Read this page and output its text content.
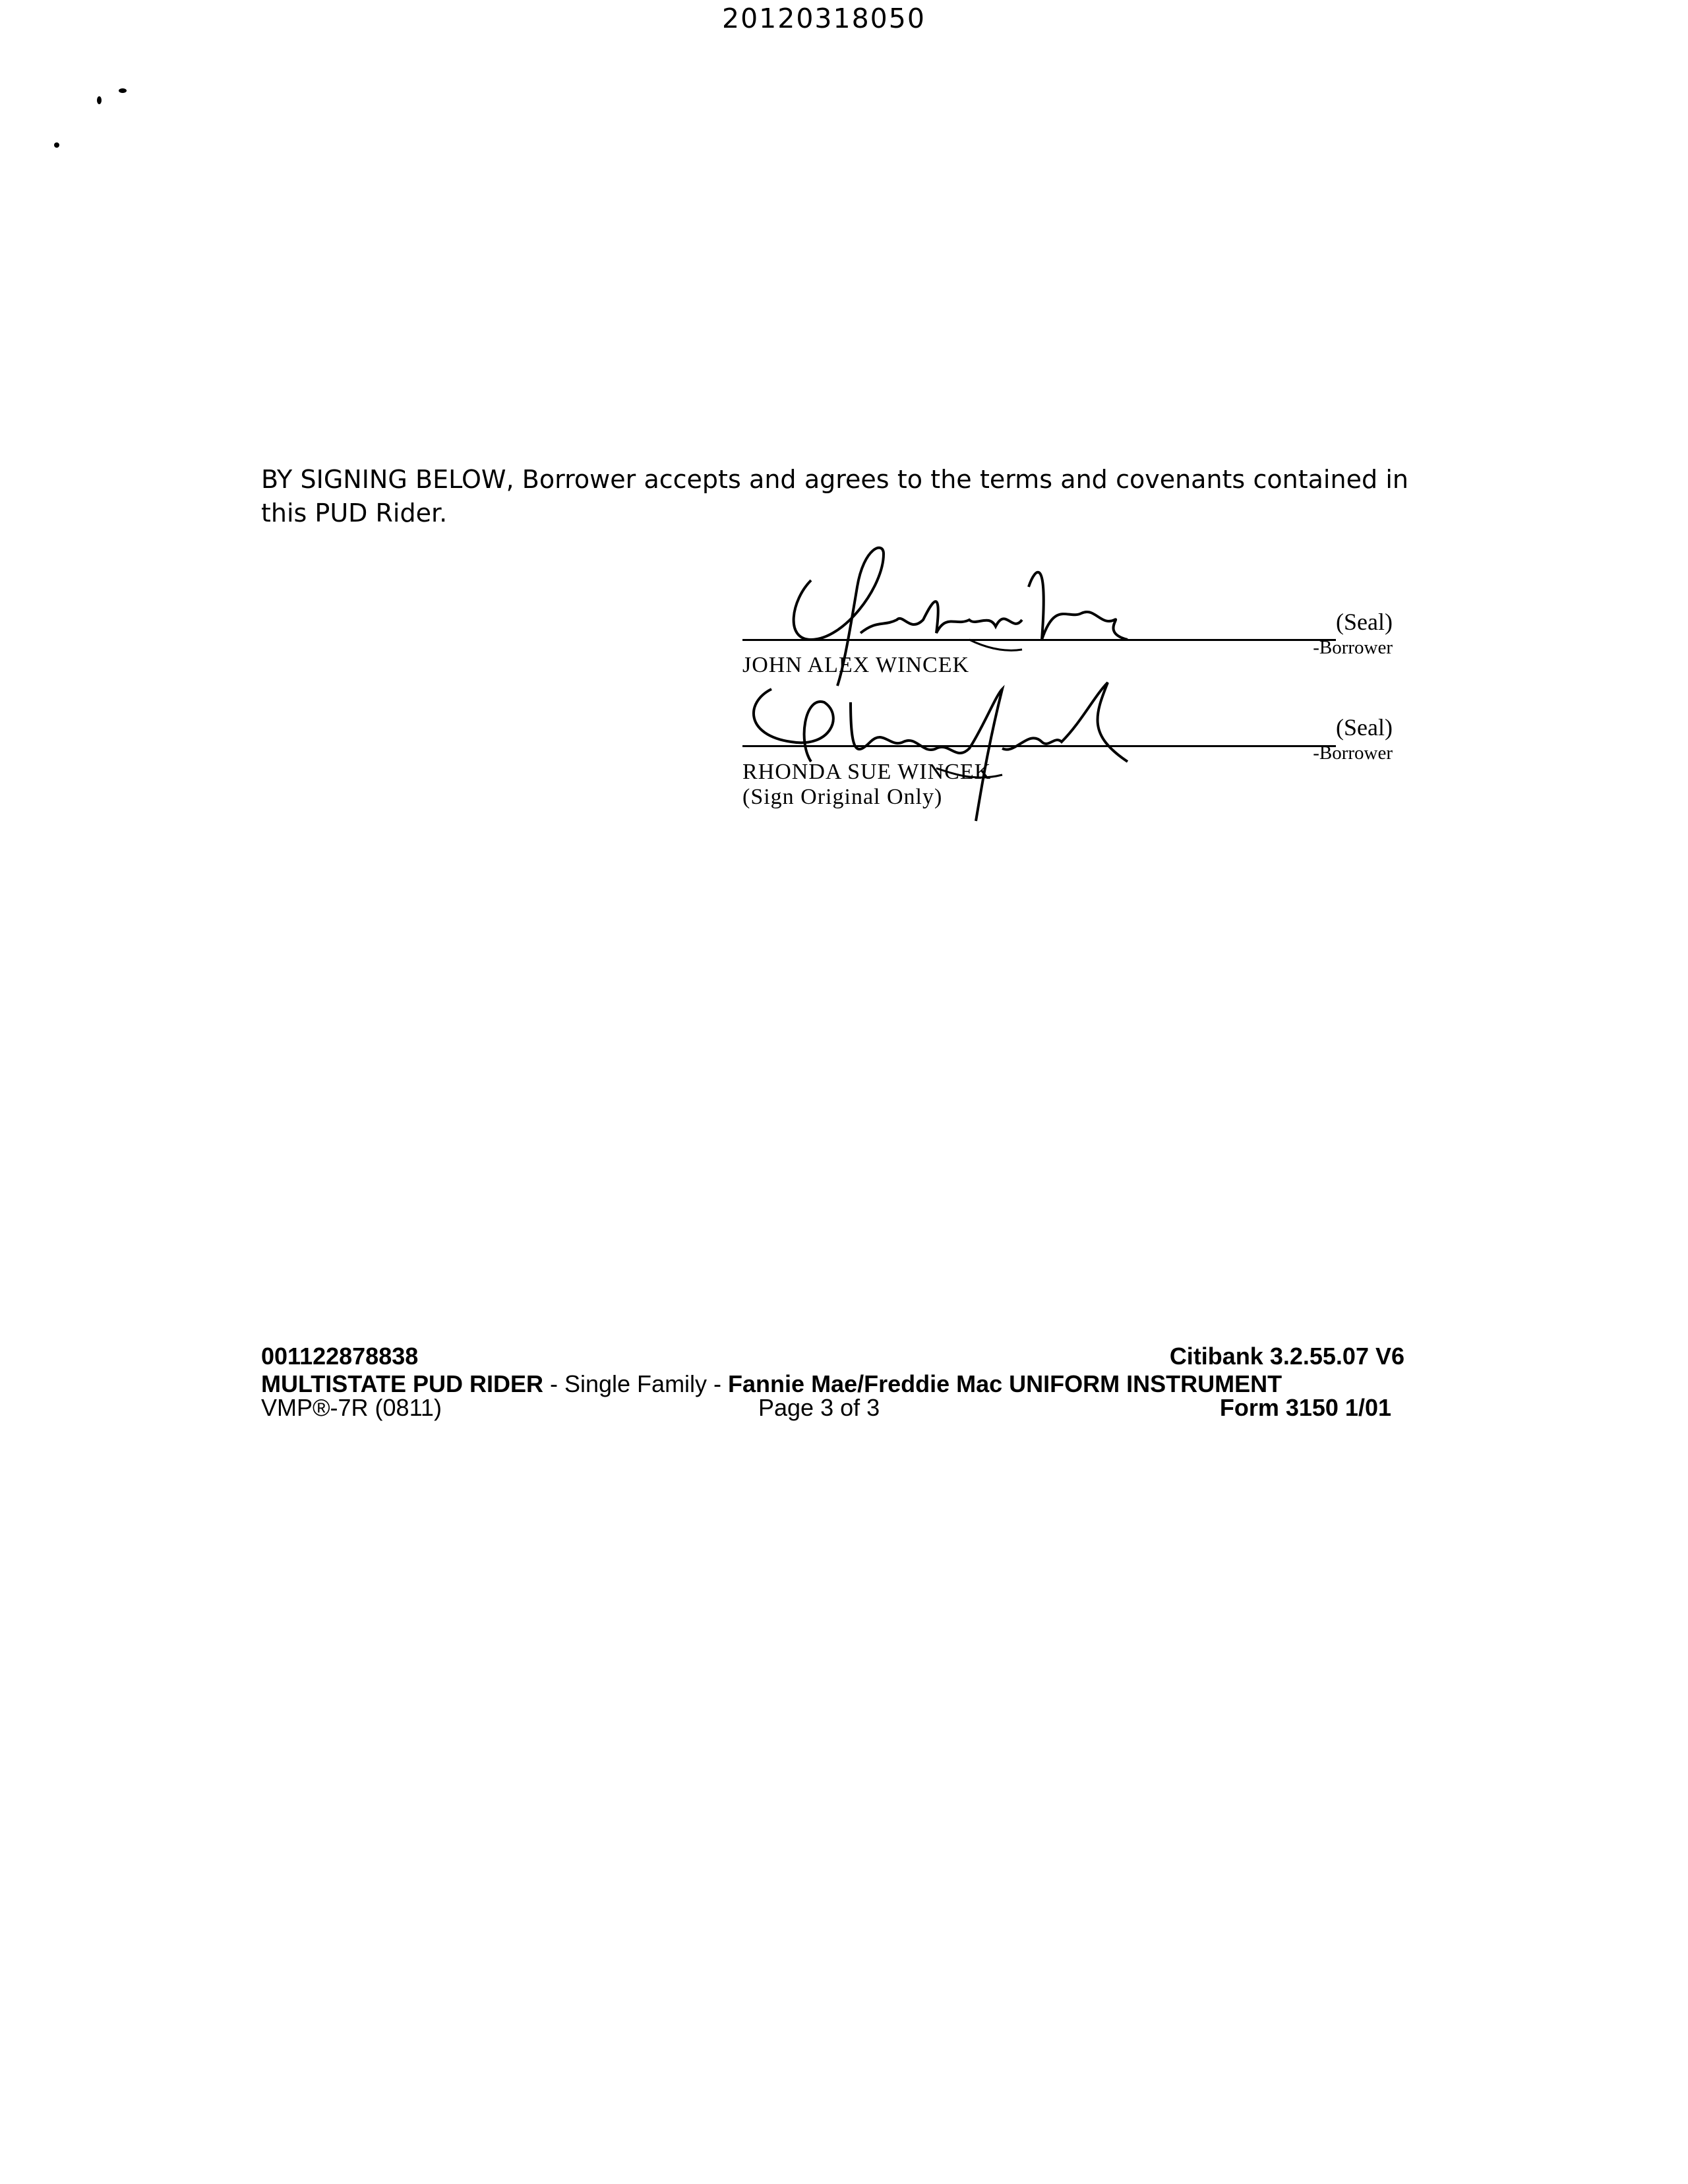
20120318050
BY SIGNING BELOW, Borrower accepts and agrees to the terms and covenants contained in this PUD Rider.
(Seal)
-Borrower
JOHN ALEX WINCEK
(Seal)
-Borrower
RHONDA SUE WINCEK
(Sign Original Only)
001122878838	Citibank 3.2.55.07 V6
MULTISTATE PUD RIDER - Single Family - Fannie Mae/Freddie Mac UNIFORM INSTRUMENT
VMP®-7R (0811)	Page 3 of 3	Form 3150 1/01
